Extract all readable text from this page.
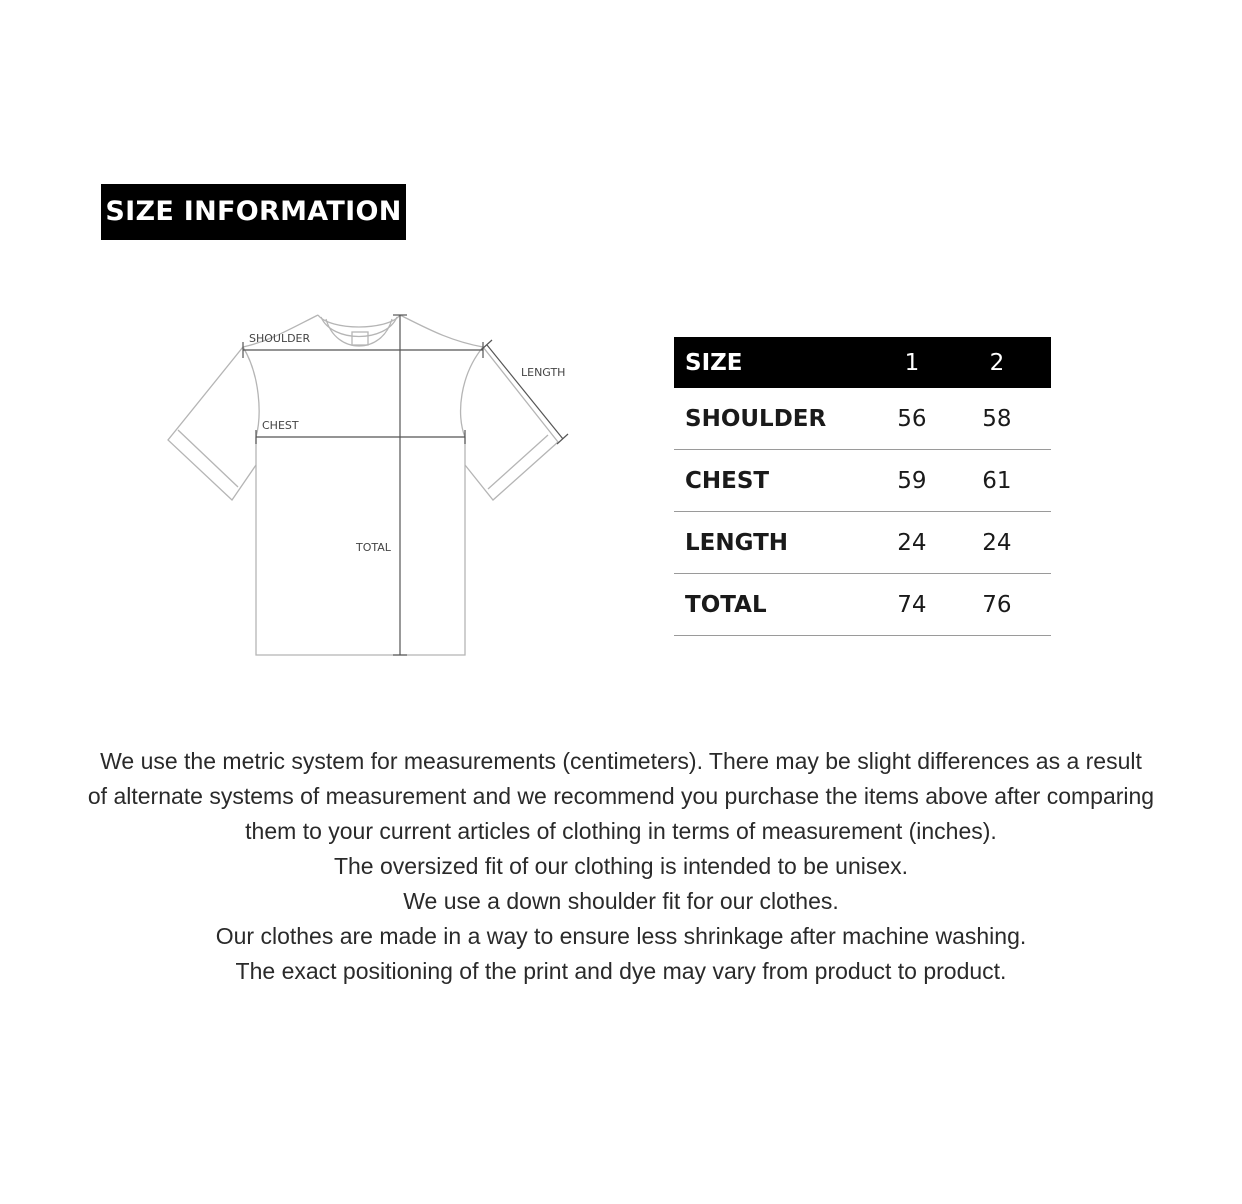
SIZE INFORMATION
SHOULDER
LENGTH
CHEST
TOTAL
SIZE	1	2
SHOULDER	56	58
CHEST	59	61
LENGTH	24	24
TOTAL	74	76

We use the metric system for measurements (centimeters). There may be slight differences as a result

of alternate systems of measurement and we recommend you purchase the items above after comparing

them to your current articles of clothing in terms of measurement (inches).

The oversized fit of our clothing is intended to be unisex.

We use a down shoulder fit for our clothes.

Our clothes are made in a way to ensure less shrinkage after machine washing.

The exact positioning of the print and dye may vary from product to product.
